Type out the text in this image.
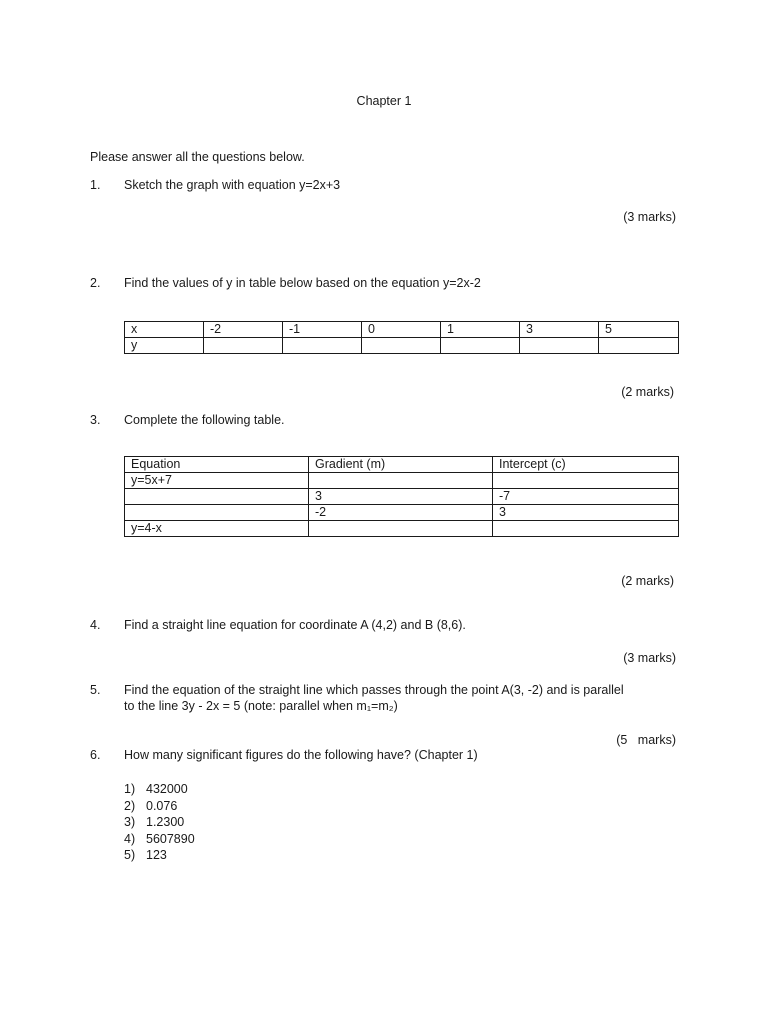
Chapter 1
Please answer all the questions below.
1. Sketch the graph with equation y=2x+3
(3 marks)
2. Find the values of y in table below based on the equation y=2x-2
x	-2	-1	0	1	3	5
y						
(2 marks)
3. Complete the following table.
Equation	Gradient (m)	Intercept (c)
y=5x+7		
	3	-7
	-2	3
y=4-x		
(2 marks)
4. Find a straight line equation for coordinate A (4,2) and B (8,6).
(3 marks)
5. Find the equation of the straight line which passes through the point A(3, -2) and is parallel
to the line 3y - 2x = 5 (note: parallel when m₁=m₂)
(5   marks)
6. How many significant figures do the following have? (Chapter 1)
1) 432000
2) 0.076
3) 1.2300
4) 5607890
5) 123
